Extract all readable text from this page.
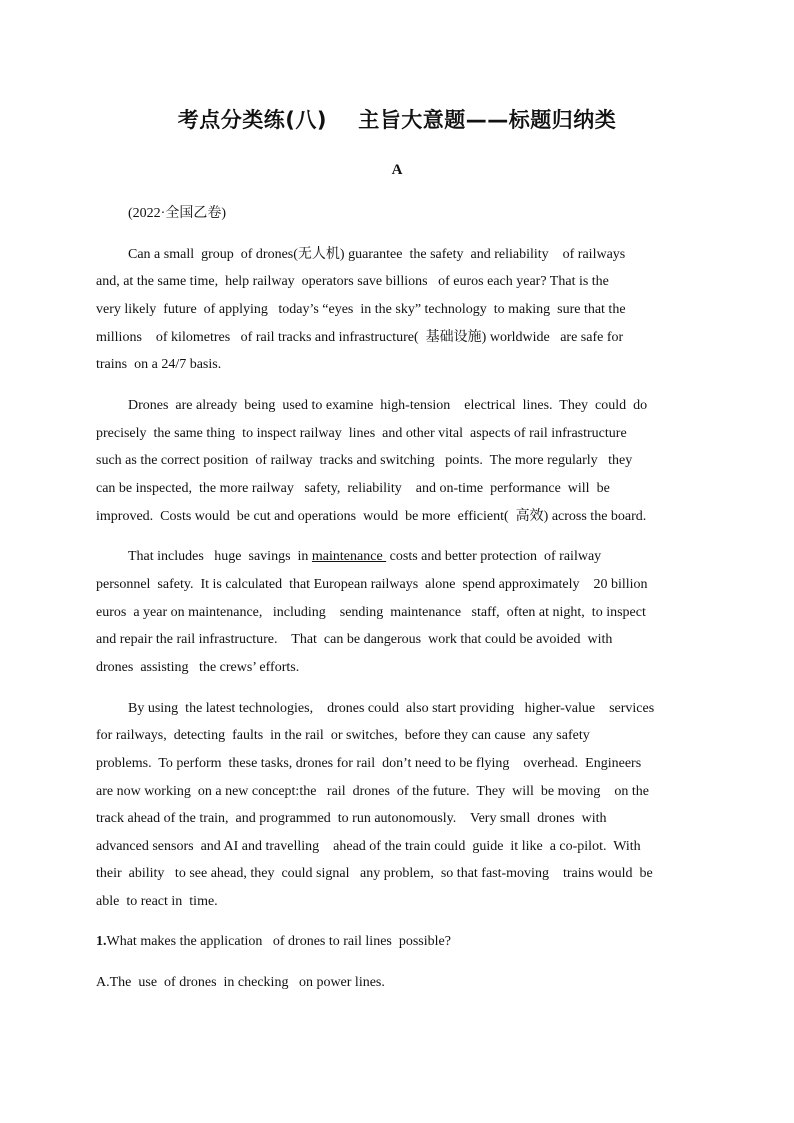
考点分类练(八)    主旨大意题——标题归纳类
A
(2022·全国乙卷)
Can a small  group  of drones(无人机) guarantee  the safety  and reliability    of railways
and, at the same time,  help railway  operators save billions   of euros each year? That is the
very likely  future  of applying   today’s “eyes  in the sky” technology  to making  sure that the
millions    of kilometres   of rail tracks and infrastructure(  基础设施) worldwide   are safe for
trains  on a 24/7 basis.
Drones  are already  being  used to examine  high-tension    electrical  lines.  They  could  do
precisely  the same thing  to inspect railway  lines  and other vital  aspects of rail infrastructure
such as the correct position  of railway  tracks and switching   points.  The more regularly   they
can be inspected,  the more railway   safety,  reliability    and on-time  performance  will  be
improved.  Costs would  be cut and operations  would  be more  efficient(  高效) across the board.
That includes   huge  savings  in maintenance  costs and better protection  of railway
personnel  safety.  It is calculated  that European railways  alone  spend approximately    20 billion
euros  a year on maintenance,   including    sending  maintenance   staff,  often at night,  to inspect
and repair the rail infrastructure.    That  can be dangerous  work that could be avoided  with
drones  assisting   the crews’ efforts.
By using  the latest technologies,    drones could  also start providing   higher-value    services
for railways,  detecting  faults  in the rail  or switches,  before they can cause  any safety
problems.  To perform  these tasks, drones for rail  don’t need to be flying    overhead.  Engineers
are now working  on a new concept:the   rail  drones  of the future.  They  will  be moving    on the
track ahead of the train,  and programmed  to run autonomously.    Very small  drones  with
advanced sensors  and AI and travelling    ahead of the train could  guide  it like  a co-pilot.  With
their  ability   to see ahead, they  could signal   any problem,  so that fast-moving    trains would  be
able  to react in  time.
1.What makes the application   of drones to rail lines  possible?
A.The  use  of drones  in checking   on power lines.
